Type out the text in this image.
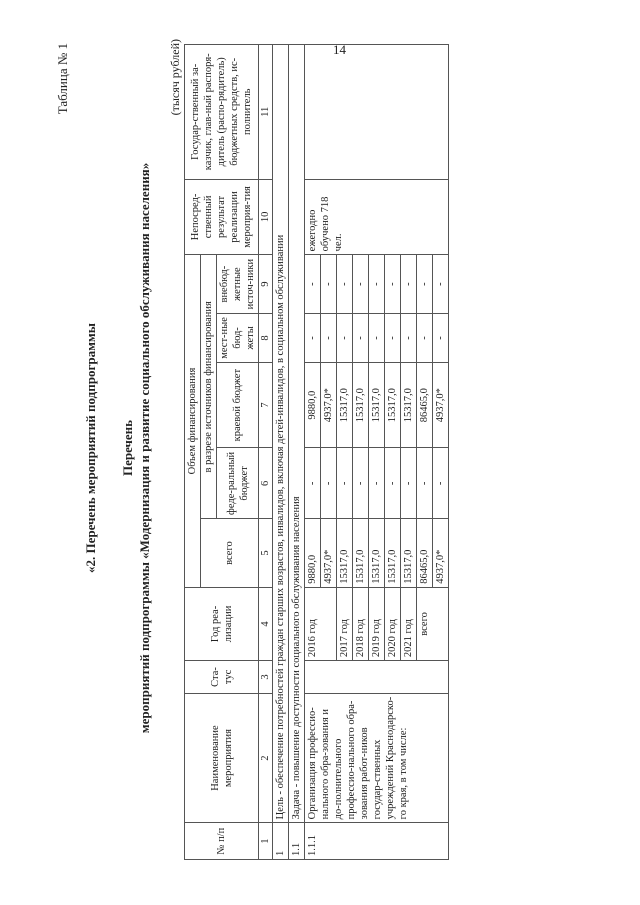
14
Таблица № 1
«2. Перечень мероприятий подпрограммы Перечень мероприятий подпрограммы «Модернизация и развитие социального обслуживания населения»
(тысяч рублей)
№ п/п	Наименование мероприятия	Ста-тус	Год реа-лизации	Объем финансирования					Непосред-ственный результат реализации мероприя-тия	Государ-ственный за-казчик, глав-ный распоря-дитель (распо-рядитель) бюджетных средств, ис-полнитель
				всего	в разрезе источников финансирования					
					феде-ральный бюджет	краевой бюджет	мест-ные бюд-жеты	внебюд-жетные источ-ники		
1	2	3	4	5	6	7	8	9	10	11
1	Цель - обеспечение потребностей граждан старших возрастов, инвалидов, включая детей-инвалидов, в социальном обслуживании									
1.1	Задача - повышение доступности социального обслуживания населения									
1.1.1	Организация профессио-нального обра-зования и до-полнительного профессио-нального обра-зования работ-ников государ-ственных учреждений Краснодарско-го края, в том числе:		2016 год	9880,0	-	9880,0	-	-	ежегодно обучено 718 чел.	
				4937,0*	-	4937,0*	-	-		
			2017 год	15317,0	-	15317,0	-	-		
			2018 год	15317,0	-	15317,0	-	-		
			2019 год	15317,0	-	15317,0	-	-		
			2020 год	15317,0	-	15317,0	-	-		
			2021 год	15317,0	-	15317,0	-	-		
			всего	86465,0	-	86465,0	-	-		
				4937,0*	-	4937,0*	-	-		
